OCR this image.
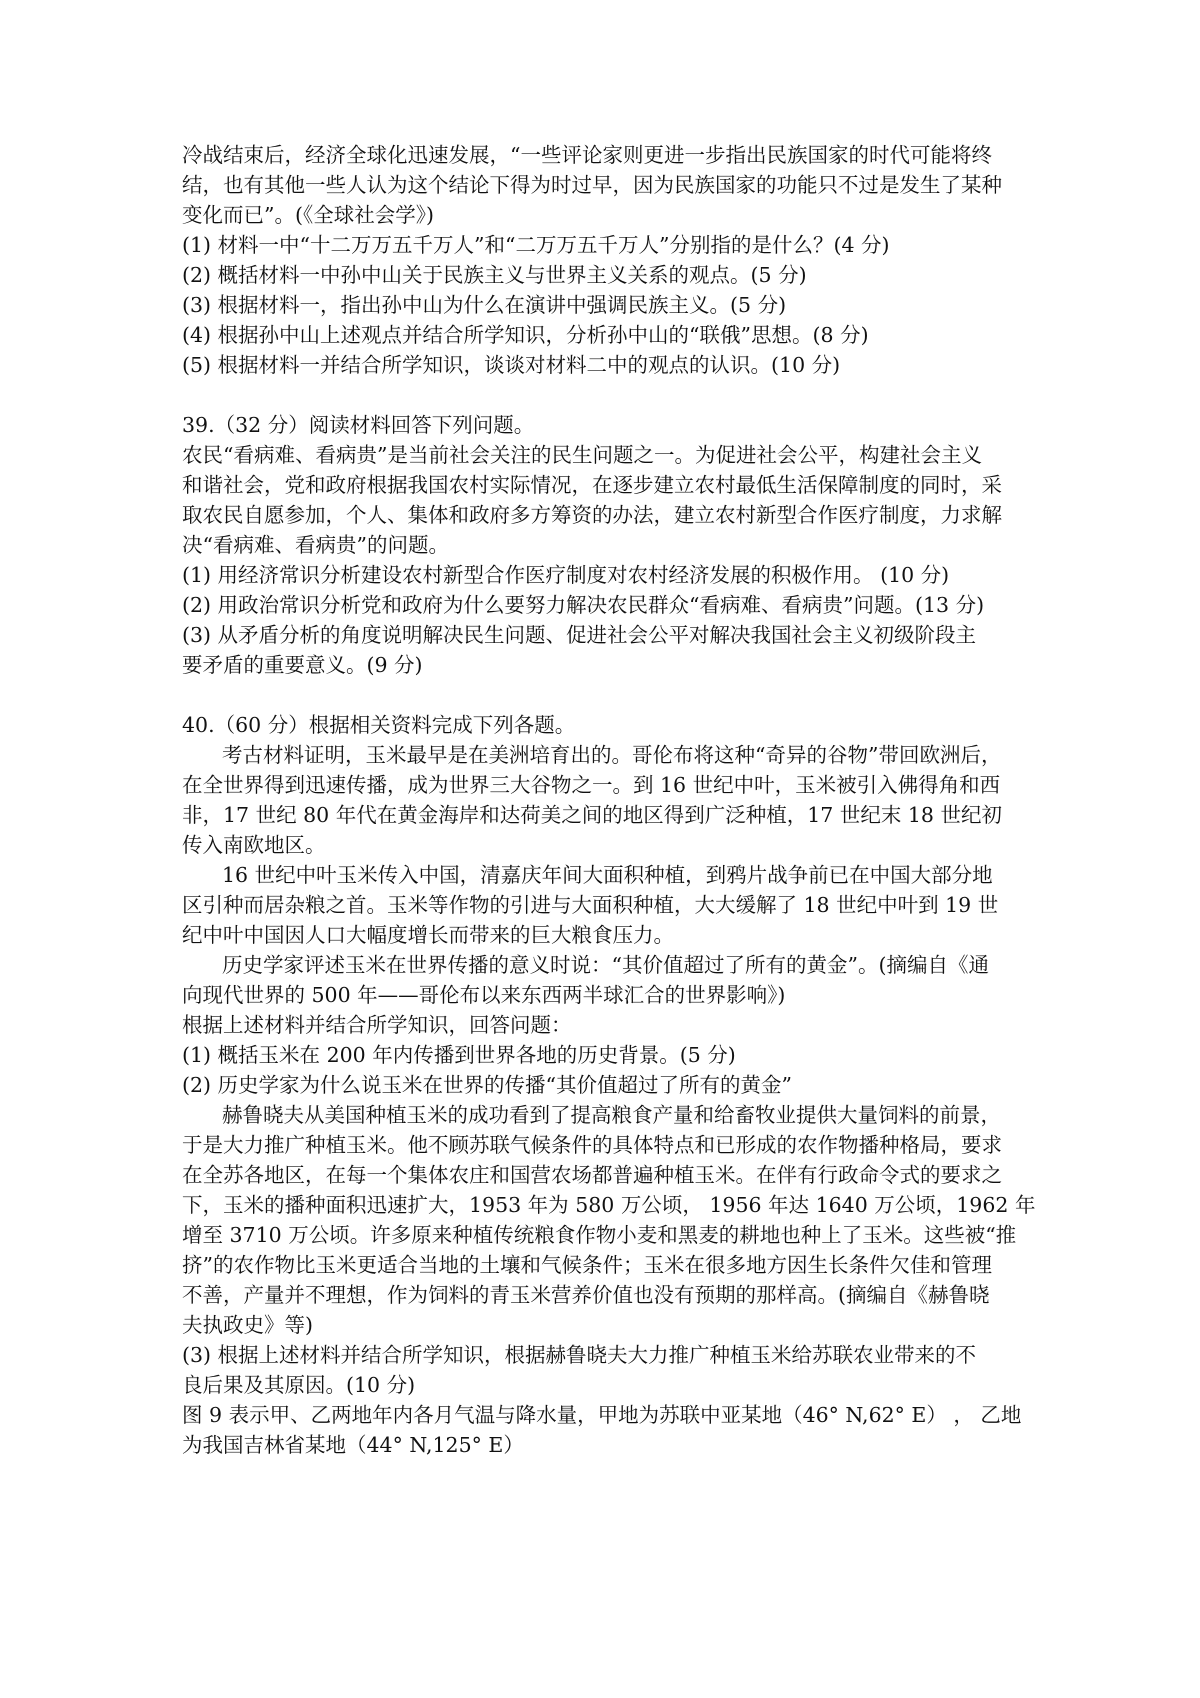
冷战结束后，经济全球化迅速发展，“一些评论家则更进一步指出民族国家的时代可能将终

结，也有其他一些人认为这个结论下得为时过早，因为民族国家的功能只不过是发生了某种

变化而已”。(《全球社会学》)

(1) 材料一中“十二万万五千万人”和“二万万五千万人”分别指的是什么？(4 分)

(2) 概括材料一中孙中山关于民族主义与世界主义关系的观点。(5 分)

(3) 根据材料一，指出孙中山为什么在演讲中强调民族主义。(5 分)

(4) 根据孙中山上述观点并结合所学知识，分析孙中山的“联俄”思想。(8 分)

(5) 根据材料一并结合所学知识，谈谈对材料二中的观点的认识。(10 分)

39.（32 分）阅读材料回答下列问题。

农民“看病难、看病贵”是当前社会关注的民生问题之一。为促进社会公平，构建社会主义

和谐社会，党和政府根据我国农村实际情况，在逐步建立农村最低生活保障制度的同时，采

取农民自愿参加，个人、集体和政府多方筹资的办法，建立农村新型合作医疗制度，力求解

决“看病难、看病贵”的问题。

(1) 用经济常识分析建设农村新型合作医疗制度对农村经济发展的积极作用。 (10 分)

(2) 用政治常识分析党和政府为什么要努力解决农民群众“看病难、看病贵”问题。(13 分)

(3) 从矛盾分析的角度说明解决民生问题、促进社会公平对解决我国社会主义初级阶段主

要矛盾的重要意义。(9 分)

40.（60 分）根据相关资料完成下列各题。

考古材料证明，玉米最早是在美洲培育出的。哥伦布将这种“奇异的谷物”带回欧洲后，

在全世界得到迅速传播，成为世界三大谷物之一。到 16 世纪中叶，玉米被引入佛得角和西

非，17 世纪 80 年代在黄金海岸和达荷美之间的地区得到广泛种植，17 世纪末 18 世纪初

传入南欧地区。

16 世纪中叶玉米传入中国，清嘉庆年间大面积种植，到鸦片战争前已在中国大部分地

区引种而居杂粮之首。玉米等作物的引进与大面积种植，大大缓解了 18 世纪中叶到 19 世

纪中叶中国因人口大幅度增长而带来的巨大粮食压力。

历史学家评述玉米在世界传播的意义时说：“其价值超过了所有的黄金”。(摘编自《通

向现代世界的 500 年——哥伦布以来东西两半球汇合的世界影响》)

根据上述材料并结合所学知识，回答问题：

(1) 概括玉米在 200 年内传播到世界各地的历史背景。(5 分)

(2) 历史学家为什么说玉米在世界的传播“其价值超过了所有的黄金”

赫鲁晓夫从美国种植玉米的成功看到了提高粮食产量和给畜牧业提供大量饲料的前景，

于是大力推广种植玉米。他不顾苏联气候条件的具体特点和已形成的农作物播种格局，要求

在全苏各地区，在每一个集体农庄和国营农场都普遍种植玉米。在伴有行政命令式的要求之

下，玉米的播种面积迅速扩大，1953 年为 580 万公顷， 1956 年达 1640 万公顷，1962 年

增至 3710 万公顷。许多原来种植传统粮食作物小麦和黑麦的耕地也种上了玉米。这些被“推

挤”的农作物比玉米更适合当地的土壤和气候条件；玉米在很多地方因生长条件欠佳和管理

不善，产量并不理想，作为饲料的青玉米营养价值也没有预期的那样高。(摘编自《赫鲁晓

夫执政史》等)

(3) 根据上述材料并结合所学知识，根据赫鲁晓夫大力推广种植玉米给苏联农业带来的不

良后果及其原因。(10 分)

图 9 表示甲、乙两地年内各月气温与降水量，甲地为苏联中亚某地（46° N,62° E） ， 乙地

为我国吉林省某地（44° N,125° E）
